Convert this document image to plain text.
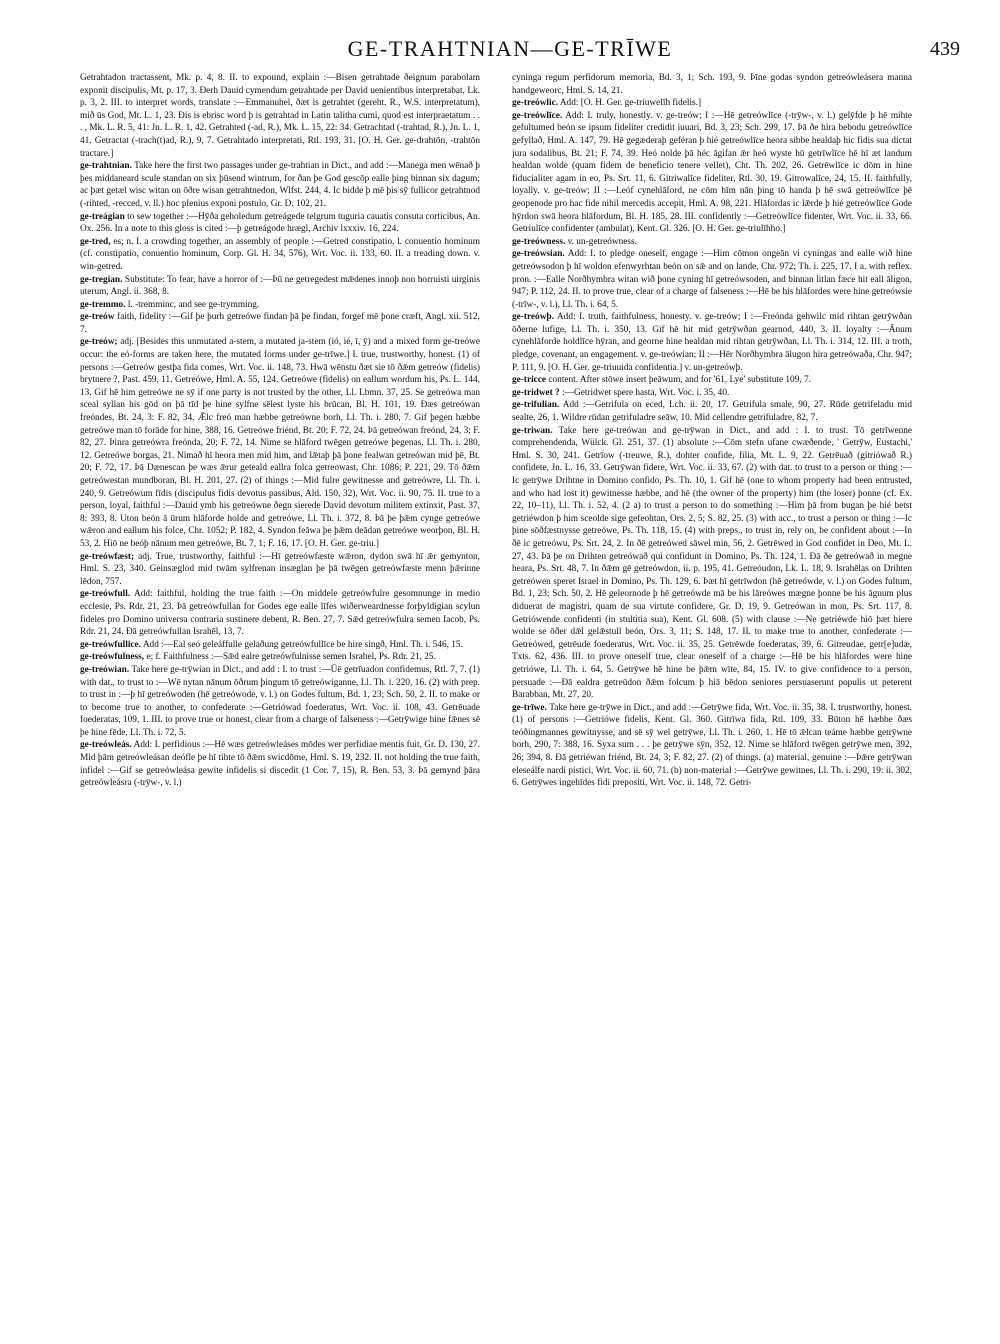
GE-TRAHTNIAN—GE-TRĪWE	439

Getrahtadon tractassent, Mk. p. 4, 8. II. to expound, explain :—Bisen getrahtade ðeignum parabolam exponit discipulis, Mt. p. 17, 3. Ðerh Dauid cymendum getrahtade per David uenientibus interpretabat, Lk. p. 3, 2. III. to interpret words, translate :—Emmanuhel, ðæt is getrahtet (gereht, R., W.S. interpretatum), mið ūs God, Mt. L. 1, 23. Ðis is ebrisc word þ is getrahtad in Latin talitha cumi, quod est interpraetatum . . . , Mk. L. R. 5, 41: Jn. L. R. 1, 42. Getrahted (-ad, R.), Mk. L. 15, 22: 34. Getrachtad (-trahtad, R.), Jn. L. 1, 41. Getractat (-trach(t)ad, R.), 9, 7. Getrahtado interpretati, Rtl. 193, 31. [O. H. Ger. ge-drahtōn, -trahtōn tractare.]

ge-trahtnian. Take here the first two passages under ge-trahtian in Dict., and add :—Manega men wēnað þ þes middaneard scule standan on six þūsend wintrum, for ðan þe God gescōp ealle þing binnan six dagum; ac þæt getæl wisc witan on ōðre wisan getrahtnedon, Wlfst. 244, 4. Ic bidde þ mē þis sȳ fullicor getrahtnod (-rihted, -recced, v. ll.) hoc plenius exponi postulo, Gr. D. 102, 21.

ge-treágian to sew together :—Hȳða geholedum getreágede telgrum tuguria cauatis consuta corticibus, An. Ox. 256. In a note to this gloss is cited :—þ getreágode hrægl, Archiv lxxxiv. 16, 224.

ge-tred, es; n. I. a crowding together, an assembly of people :—Getred constipatio, l. conuentio hominum (cf. constipatio, conuentio hominum, Corp. Gl. H. 34, 576), Wrt. Voc. ii. 133, 60. II. a treading down. v. win-getred.

ge-tregian. Substitute: To fear, have a horror of :—Þū ne getregedest mǣdenes innoþ non horruisti uirginis uterum, Angl. ii. 368, 8.

ge-tremmo. l. -tremminc, and see ge-trymming.

ge-treów faith, fidelity :—Gif þe þurh getreówe findan þā þe findan, forgef mē þone cræft, Angl. xii. 512, 7.

ge-treów; adj. [Besides this unmutated a-stem, a mutated ja-stem (ió, ié, ī, ȳ) and a mixed form ge-treówe occur: the eó-forms are taken here, the mutated forms under ge-trīwe.] I. true, trustworthy, honest. (1) of persons :—Getreów gestþa fida comes, Wrt. Voc. ii. 148, 73. Hwā wēnstu ðæt sie tō ðǣm getreów (fidelis) brytnere ?, Past. 459, 11. Getreówe, Hml. A. 55, 124. Getreówe (fidelis) on eallum wordum his, Ps. L. 144, 13. Gif hē him getreówe ne sȳ if one party is not trusted by the other, Ll. Lbmn. 37, 25. Se getreówa man sceal syllan his gōd on þā tīd þe hine sylfne sēlest lyste his brūcan, Bl. H. 101, 19. Ðæs getreówan freóndes, Bt. 24, 3: F. 82, 34. Ǣlc freó man hæbbe getreówne borh, Ll. Th. i. 280, 7. Gif þegen hæbbe getreówe man tō forāde for hine, 388, 16. Getreówe friénd, Bt. 20; F. 72, 24. Þā getreówan freónd, 24, 3; F. 82, 27. Þinra getreówra freónda, 20; F. 72, 14. Nime se hlāford twēgen getreówe þegenas, Ll. Th. i. 280, 12. Getreówe borgas, 21. Nimað hī heora men mid him, and lǣtaþ þā þone fealwan getreówan mid þē, Bt. 20; F. 72, 17. Þā Dænescan þe wæs ǣrur geteald eallra folca getreowast, Chr. 1086; P. 221, 29. Tō ðǣm getreówestan mundboran, Bl. H. 201, 27. (2) of things :—Mid fulre gewitnesse and getreówre, Ll. Th. i. 240, 9. Getreówum fīdis (discipulus fidis devotus passibus, Ald. 150, 32), Wrt. Voc. ii. 90, 75. II. true to a person, loyal, faithful :—Dauid ymb his getreówne ðegn sierede David devotum militem extinxit, Past. 37, 8: 393, 8. Uton beón ā ūrum hlāforde holde and getreówe, Ll. Th. i. 372, 8. Þā þe þǣm cynge getreówe wǣron and eallum his folce, Chr. 1052; P. 182, 4. Syndon feāwa þe þǣm deādan getreówe weorþon, Bl. H. 53, 2. Hiō ne beóþ nānum men getreówe, Bt. 7, 1; F. 16, 17. [O. H. Ger. ge-triu.]

ge-treówfæst; adj. True, trustworthy, faithful :—Hī getreówfæste wǣron, dydon swā hī ǣr gemynton, Hml. S. 23, 340. Geinsæglod mid twām sylfrenan insæglan þe þā twēgen getreówfæste menn þǣrinne lēdon, 757.

ge-treówfull. Add: faithful, holding the true faith :—On middele getreówfulre gesomnunge in medio ecclesie, Ps. Rdr. 21, 23. Þā getreówfullan for Godes ege ealle līfes wiðerweardnesse forþyldigian scylun fideles pro Domino universa contraria sustinere debent, R. Ben. 27, 7. Sǣd getreówfulra semen Iacob, Ps. Rdr. 21, 24. Ðā getreówfullan Israhēl, 13, 7.

ge-treówfullice. Add :—Eal seó geleáffulle gelaðung getreówfullīce be hire singð, Hml. Th. i. 546, 15.

ge-treówfulness, e; f. Faithfulness :—Sǣd ealre getreówfulnisse semen Israhel, Ps. Rdr. 21, 25.

ge-treówian. Take here ge-trȳwian in Dict., and add : I. to trust :—Ūē getrīuadon confidemus, Rtl. 7, 7. (1) with dat., to trust to :—Wē nytan nānum ōðrum þingum tō getreówiganne, Ll. Th. i. 220, 16. (2) with prep. to trust in :—þ hī getreówoden (hē getreówode, v. l.) on Godes fultum, Bd. 1, 23; Sch. 50, 2. II. to make or to become true to another, to confederate :—Getriówad foederatus, Wrt. Voc. ii. 108, 43. Getrēuade foederatas, 109, 1. III. to prove true or honest, clear from a charge of falseness :—Getrȳwige hine fǣnes sē þe hine fēde, Ll. Th. i. 72, 5.

ge-treówleás. Add: I. perfidious :—Hē wæs getreówleáses mōdes wer perfidiae mentis fuit, Gr. D. 130, 27. Mid þām getreówleásan deófle þe hī tihte tō ðǣm swicdōme, Hml. S. 19, 232. II. not holding the true faith, infidel :—Gif se getreówleása gewite infidelis si discedit (1 Cor. 7, 15), R. Ben. 53, 3. Þā gemynd þāra getreówleásra (-trȳw-, v. l.)

cyninga regum perfidorum memoria, Bd. 3, 1; Sch. 193, 9. Þīne godas syndon getreówleásera manna handgeweorc, Hml. S. 14, 21.

ge-treówlic. Add: [O. H. Ger. ge-triuwelīh fidelis.]

ge-treówlīce. Add: I. truly, honestly. v. ge-treów; I :—Hē getreówlīce (-trȳw-, v. l.) gelȳfde þ hē mihte gefultumed beón se ipsum fideliter credidit iuuari, Bd. 3, 23; Sch. 299, 17. Þā ðe hira bebodu getreówlīce gefyllað, Hml. A. 147, 79. Hē gegæderaþ geféran þ hié getreówlīce heora sibbe healdaþ hic fidis sua dictat jura sodalibus, Bt. 21; F. 74, 39. Heó nolde þā héc āgifan ǣr heó wyste hū getrīwlīce hē hī æt landum healdan wolde (quam fidem de beneficio tenere vellet), Cht. Th. 202, 26. Getrēwlīce ic dōm in hine fiducialiter agam in eo, Ps. Srt. 11, 6. Gitriwalīce fideliter, Rtl. 30, 19. Gitrowalīce, 24, 15. II. faithfully, loyally. v. ge-treów; II :—Leóf cynehlāford, ne cōm hīm nān þing tō handa þ hē swā getreówlīce þē geopenode pro hac fide nihil mercedis accepit, Hml. A. 98, 221. Hlāfordas ic lǣrde þ hié getreówlīce Gode hȳrdon swā heora hlāfordum, Bl. H. 185, 28. III. confidently :—Getreówlīce fidenter, Wrt. Voc. ii. 33, 66. Getriulīce confidenter (ambulat), Kent. Gl. 326. [O. H. Ger. ge-triulīhho.]

ge-treówness. v. un-getreówness.

ge-treówsian. Add: I. to pledge oneself, engage :—Him cōmon ongeān vi cyningas and ealle wið hine getreówsodon þ hī woldon efenwyrhtan beón on sǣ and on lande, Chr. 972; Th. i. 225, 17. I a. with reflex. pron. :—Ealle Norðhymbra witan wið þone cyning hī getreówsoden, and binnan litlan fæce hit eall āligon, 947; P. 112, 24. II. to prove true, clear of a charge of falseness :—Hē be his hlāfordes were hine getreówsie (-trīw-, v. l.), Ll. Th. i. 64, 5.

ge-treówþ. Add: I. truth, faithfulness, honesty. v. ge-treów; I :—Freónda gehwilc mid rihtan getrȳwðan ōðerne lufige, Ll. Th. i. 350, 13. Gif hē hit mid getrȳwðan gearnod, 440, 3. II. loyalty :—Ānum cynehlāforde holdlīce hȳran, and geornе hine healdan mid rihtan getrȳwðan, Ll. Th. i. 314, 12. III. a troth, pledge, covenant, an engagement. v. ge-treówian; II :—Hēr Norðhymbra ālugon hira getreówaða, Chr. 947; P. 111, 9. [O. H. Ger. ge-triuuida confidentia.] v. un-getreówþ.

ge-tricce content. After stōwe insert þeāwum, and for '61, Lye' substitute 109, 7.

ge-tridwet ? :—Getridwet spere hasta, Wrt. Voc. i. 35, 40.

ge-trifulian. Add :—Getrifula on eced, Lch. ii. 20, 17. Getrifula smale, 90, 27. Rūde getrifeladu mid sealte, 26, 1. Wildre rūdan getrifuladre seāw, 10. Mid cellendre getrifuladre, 82, 7.

ge-triwan. Take here ge-treówan and ge-trȳwan in Dict., and add : I. to trust. Tō getrīwenne comprehendenda, Wülck. Gl. 251, 37. (1) absolute :—Cōm stefn ufane cwæðende, ' Getrȳw, Eustachi,' Hml. S. 30, 241. Getrīow (-treuwe, R.), dohter confide, filia, Mt. L. 9, 22. Getrēuað (gitriówað R.) confidete, Jn. L. 16, 33. Getrȳwan fidere, Wrt. Voc. ii. 33, 67. (2) with dat. to trust to a person or thing :—Ic getrȳwe Drihtne in Domino confido, Ps. Th. 10, 1. Gif hē (one to whom property had been entrusted, and who had lost it) gewitnesse hæbbe, and hē (the owner of the property) him (the loser) þonne (cf. Ex. 22, 10–11), Ll. Th. i. 52, 4. (2 a) to trust a person to do something :—Him þā from bugan þe hié betst getriéwdon þ him sceolde sige gefeohtan, Ors. 2, 5; S. 82, 25. (3) with acc., to trust a person or thing :—Ic þine sōðfæstnysse getreówe, Ps. Th. 118, 15. (4) with preps., to trust in, rely on, be confident about :—In ðē ic getreówu, Ps. Srt. 24, 2. In ðē getreówed sāwel min, 56, 2. Getrēwed in God confidet in Deo, Mt. L. 27, 43. Þā þe on Drihten getreówað qui confidunt in Domino, Ps. Th. 124, 1. Ðā ðe getreówað in megne heara, Ps. Srt. 48, 7. In ðǣm gē getreówdon, ii. p. 195, 41. Getreóudon, Lk. L. 18, 9. Israhēlas on Drihten getreówen speret Israel in Domino, Ps. Th. 129, 6. Þæt hī getrīwdon (hē getreówde, v. l.) on Godes fultum, Bd. 1, 23; Sch. 50, 2. Hē geleornode þ hē getreówde mā be his lāreówes mægne þonne be his āgnum plus diduerat de magistri, quam de sua virtute confidere, Gr. D. 19, 9. Getreówan in mon, Ps. Srt. 117, 8. Getriówende confidenti (in stultitia sua), Kent. Gl. 608. (5) with clause :—Ne getriéwde hiō þæt hiere wolde se ōðer dǣl gelǣstull beón, Ors. 3, 11; S. 148, 17. II. to make true to another, confederate :—Getreówed, getrēude foederatus, Wrt. Voc. ii. 35, 25. Getrēwde foederatas, 39, 6. Gitreudae, getr[e]udæ, Txts. 62, 436. III. to prove oneself true, clear oneself of a charge :—Hē be his hlāfordes were hine getriówe, Ll. Th. i. 64, 5. Getrȳwe hē hine be þǣm wīte, 84, 15. IV. to give confidence to a person, persuade :—Ðā ealdra getreūdon ðǣm folcum þ hiā bēdon seniores persuaserunt populis ut peterent Barabban, Mt. 27, 20.

ge-trīwe. Take here ge-trȳwe in Dict., and add :—Getrȳwe fida, Wrt. Voc. ii. 35, 38. I. trustworthy, honest. (1) of persons :—Getriówe fidelis, Kent. Gl. 360. Gitrīwa fida, Rtl. 109, 33. Būton hē hæbbe ðæs teóðingmannes gewitnysse, and sē sȳ wel getrȳwe, Ll. Th. i. 260, 1. Hē tō ǣlcan teáme hæbbe getrȳwne borh, 290, 7: 388, 16. Syxa sum . . . þe getrȳwe sȳn, 352, 12. Nime se hlāford twēgen getrȳwe men, 392, 26; 394, 8. Ðā getriéwan friénd, Bt. 24, 3; F. 82, 27. (2) of things. (a) material, genuine :—Þǣre getrȳwan eleseálfe nardi pistici, Wrt. Voc. ii. 60, 71. (b) non-material :—Getrȳwe gewitnes, Ll. Th. i. 290, 19: ii. 302, 6. Getrȳwes ingehīdes fidi prepositi, Wrt. Voc. ii. 148, 72. Getri-
